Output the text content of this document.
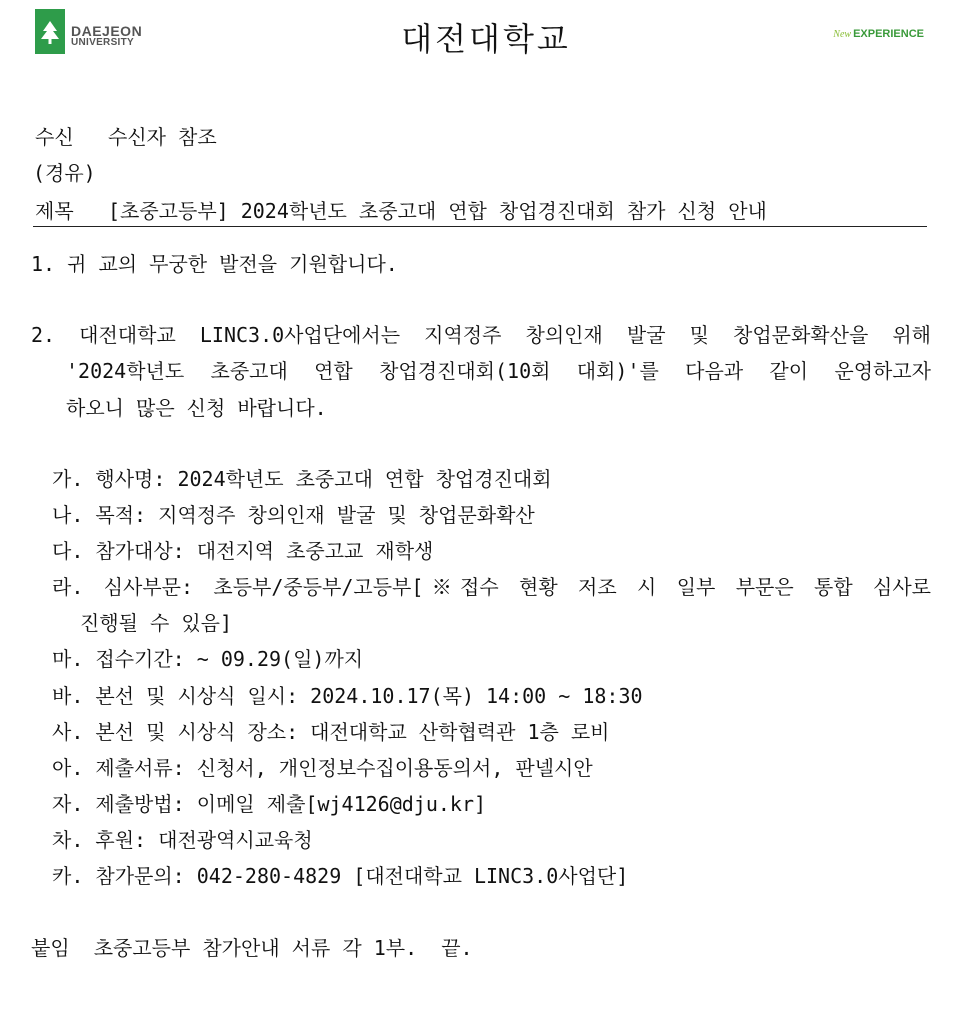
DAEJEON
UNIVERSITY	대전대학교	New EXPERIENCE
수신 수신자 참조
(경유)
제목 [초중고등부] 2024학년도 초중고대 연합 창업경진대회 참가 신청 안내
1. 귀 교의 무궁한 발전을 기원합니다.
2. 대전대학교 LINC3.0사업단에서는 지역정주 창의인재 발굴 및 창업문화확산을 위해
'2024학년도 초중고대 연합 창업경진대회(10회 대회)'를 다음과 같이 운영하고자
하오니 많은 신청 바랍니다.
가. 행사명: 2024학년도 초중고대 연합 창업경진대회
나. 목적: 지역정주 창의인재 발굴 및 창업문화확산
다. 참가대상: 대전지역 초중고교 재학생
라. 심사부문: 초등부/중등부/고등부[※접수 현황 저조 시 일부 부문은 통합 심사로
진행될 수 있음]
마. 접수기간: ~ 09.29(일)까지
바. 본선 및 시상식 일시: 2024.10.17(목) 14:00 ~ 18:30
사. 본선 및 시상식 장소: 대전대학교 산학협력관 1층 로비
아. 제출서류: 신청서, 개인정보수집이용동의서, 판넬시안
자. 제출방법: 이메일 제출[wj4126@dju.kr]
차. 후원: 대전광역시교육청
카. 참가문의: 042-280-4829 [대전대학교 LINC3.0사업단]
붙임  초중고등부 참가안내 서류 각 1부.  끝.
